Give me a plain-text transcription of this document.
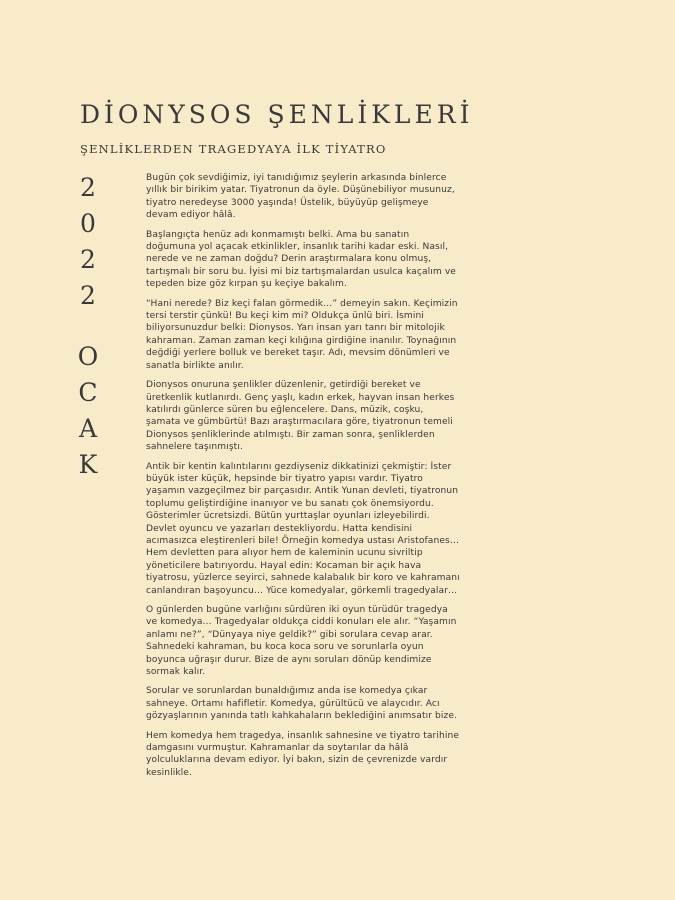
DİONYSOS ŞENLİKLERİ
ŞENLİKLERDEN TRAGEDYAYA İLK TİYATRO
2
0
2
2
O
C
A
K

Bugün çok sevdiğimiz, iyi tanıdığımız şeylerin arkasında binlerce yıllık bir birikim yatar. Tiyatronun da öyle. Düşünebiliyor musunuz, tiyatro neredeyse 3000 yaşında! Üstelik, büyüyüp gelişmeye devam ediyor hâlâ.

Başlangıçta henüz adı konmamıştı belki. Ama bu sanatın doğumuna yol açacak etkinlikler, insanlık tarihi kadar eski. Nasıl, nerede ve ne zaman doğdu? Derin araştırmalara konu olmuş, tartışmalı bir soru bu. İyisi mi biz tartışmalardan usulca kaçalım ve tepeden bize göz kırpan şu keçiye bakalım.

“Hani nerede? Biz keçi falan görmedik…” demeyin sakın. Keçimizin tersi terstir çünkü! Bu keçi kim mi? Oldukça ünlü biri. İsmini biliyorsunuzdur belki: Dionysos. Yarı insan yarı tanrı bir mitolojik kahraman. Zaman zaman keçi kılığına girdiğine inanılır. Toynağının değdiği yerlere bolluk ve bereket taşır. Adı, mevsim dönümleri ve sanatla birlikte anılır.

Dionysos onuruna şenlikler düzenlenir, getirdiği bereket ve üretkenlik kutlanırdı. Genç yaşlı, kadın erkek, hayvan insan herkes katılırdı günlerce süren bu eğlencelere. Dans, müzik, coşku, şamata ve gümbürtü! Bazı araştırmacılara göre, tiyatronun temeli Dionysos şenliklerinde atılmıştı. Bir zaman sonra, şenliklerden sahnelere taşınmıştı.

Antik bir kentin kalıntılarını gezdiyseniz dikkatinizi çekmiştir: İster büyük ister küçük, hepsinde bir tiyatro yapısı vardır. Tiyatro yaşamın vazgeçilmez bir parçasıdır. Antik Yunan devleti, tiyatronun toplumu geliştirdiğine inanıyor ve bu sanatı çok önemsiyordu. Gösterimler ücretsizdi. Bütün yurttaşlar oyunları izleyebilirdi. Devlet oyuncu ve yazarları destekliyordu. Hatta kendisini acımasızca eleştirenleri bile! Örneğin komedya ustası Aristofanes… Hem devletten para alıyor hem de kaleminin ucunu sivriltip yöneticilere batırıyordu. Hayal edin: Kocaman bir açık hava tiyatrosu, yüzlerce seyirci, sahnede kalabalık bir koro ve kahramanı canlandıran başoyuncu… Yüce komedyalar, görkemli tragedyalar…

O günlerden bugüne varlığını sürdüren iki oyun türüdür tragedya ve komedya… Tragedyalar oldukça ciddi konuları ele alır. “Yaşamın anlamı ne?”, “Dünyaya niye geldik?” gibi sorulara cevap arar. Sahnedeki kahraman, bu koca koca soru ve sorunlarla oyun boyunca uğraşır durur. Bize de aynı soruları dönüp kendimize sormak kalır.

Sorular ve sorunlardan bunaldığımız anda ise komedya çıkar sahneye. Ortamı hafifletir. Komedya, gürültücü ve alaycıdır. Acı gözyaşlarının yanında tatlı kahkahaların beklediğini anımsatır bize.

Hem komedya hem tragedya, insanlık sahnesine ve tiyatro tarihine damgasını vurmuştur. Kahramanlar da soytarılar da hâlâ yolculuklarına devam ediyor. İyi bakın, sizin de çevrenizde vardır kesinlikle.
